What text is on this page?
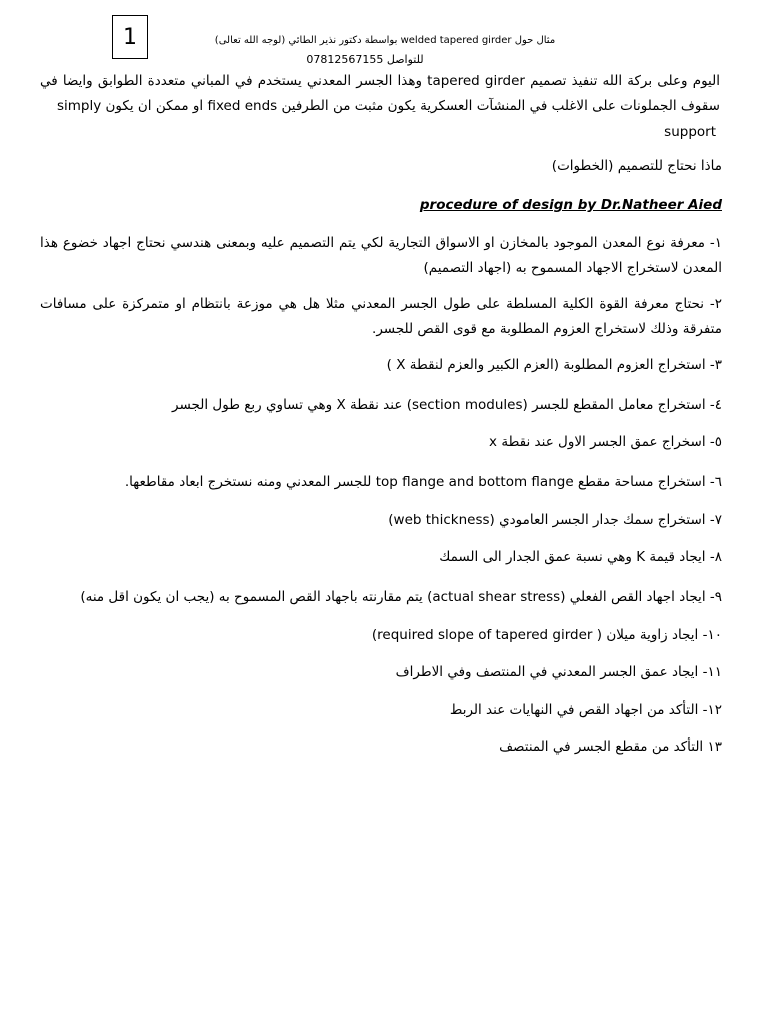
1	مثال حول welded tapered girder بواسطة دكتور نذير الطائي (لوجه الله تعالى)
للتواصل 07812567155
اليوم وعلى بركة الله تنفيذ تصميم tapered girder وهذا الجسر المعدني يستخدم في المباني متعددة الطوابق وايضا في سقوف الجملونات على الاغلب في المنشآت العسكرية يكون مثبت من الطرفين fixed ends او ممكن ان يكون simply
support
ماذا نحتاج للتصميم (الخطوات)
procedure of design by Dr.Natheer Aied
١- معرفة نوع المعدن الموجود بالمخازن او الاسواق التجارية لكي يتم التصميم عليه وبمعنى هندسي نحتاج اجهاد خضوع هذا المعدن لاستخراج الاجهاد المسموح به (اجهاد التصميم)
٢- نحتاج معرفة القوة الكلية المسلطة على طول الجسر المعدني مثلا هل هي موزعة بانتظام او متمركزة على مسافات متفرقة وذلك لاستخراج العزوم المطلوبة مع قوى القص للجسر.
٣- استخراج العزوم المطلوبة (العزم الكبير والعزم لنقطة X )
٤- استخراج معامل المقطع للجسر (section modules) عند نقطة X وهي تساوي ربع طول الجسر
٥- اسخراج عمق الجسر الاول عند نقطة x
٦- استخراج مساحة مقطع top flange and bottom flange للجسر المعدني ومنه نستخرج ابعاد مقاطعها.
٧- استخراج سمك جدار الجسر العامودي (web thickness)
٨- ايجاد قيمة K وهي نسبة عمق الجدار الى السمك
٩- ايجاد اجهاد القص الفعلي (actual shear stress) يتم مقارنته باجهاد القص المسموح به (يجب ان يكون اقل منه)
١٠- ايجاد زاوية ميلان ( required slope of tapered girder)
١١- ايجاد عمق الجسر المعدني في المنتصف وفي الاطراف
١٢- التأكد من اجهاد القص في النهايات عند الربط
١٣ التأكد من مقطع الجسر في المنتصف
